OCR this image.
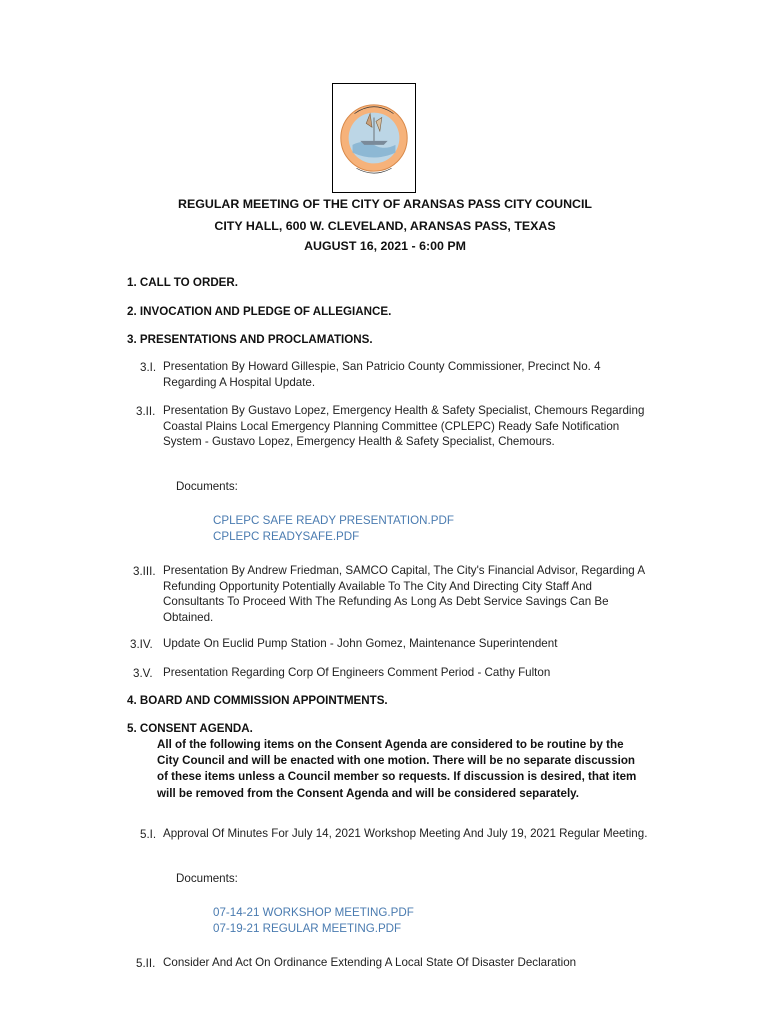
REGULAR MEETING OF THE CITY OF ARANSAS PASS CITY COUNCIL
CITY HALL, 600 W. CLEVELAND, ARANSAS PASS, TEXAS
AUGUST 16, 2021 - 6:00 PM
1. CALL TO ORDER.
2. INVOCATION AND PLEDGE OF ALLEGIANCE.
3. PRESENTATIONS AND PROCLAMATIONS.
3.I. Presentation By Howard Gillespie, San Patricio County Commissioner, Precinct No. 4 Regarding A Hospital Update.
3.II. Presentation By Gustavo Lopez, Emergency Health & Safety Specialist, Chemours Regarding Coastal Plains Local Emergency Planning Committee (CPLEPC) Ready Safe Notification System - Gustavo Lopez, Emergency Health & Safety Specialist, Chemours.
Documents:
CPLEPC SAFE READY PRESENTATION.PDF
CPLEPC READYSAFE.PDF
3.III. Presentation By Andrew Friedman, SAMCO Capital, The City's Financial Advisor, Regarding A Refunding Opportunity Potentially Available To The City And Directing City Staff And Consultants To Proceed With The Refunding As Long As Debt Service Savings Can Be Obtained.
3.IV. Update On Euclid Pump Station - John Gomez, Maintenance Superintendent
3.V. Presentation Regarding Corp Of Engineers Comment Period - Cathy Fulton
4. BOARD AND COMMISSION APPOINTMENTS.
5. CONSENT AGENDA.
All of the following items on the Consent Agenda are considered to be routine by the City Council and will be enacted with one motion. There will be no separate discussion of these items unless a Council member so requests. If discussion is desired, that item will be removed from the Consent Agenda and will be considered separately.
5.I. Approval Of Minutes For July 14, 2021 Workshop Meeting And July 19, 2021 Regular Meeting.
Documents:
07-14-21 WORKSHOP MEETING.PDF
07-19-21 REGULAR MEETING.PDF
5.II. Consider And Act On Ordinance Extending A Local State Of Disaster Declaration
